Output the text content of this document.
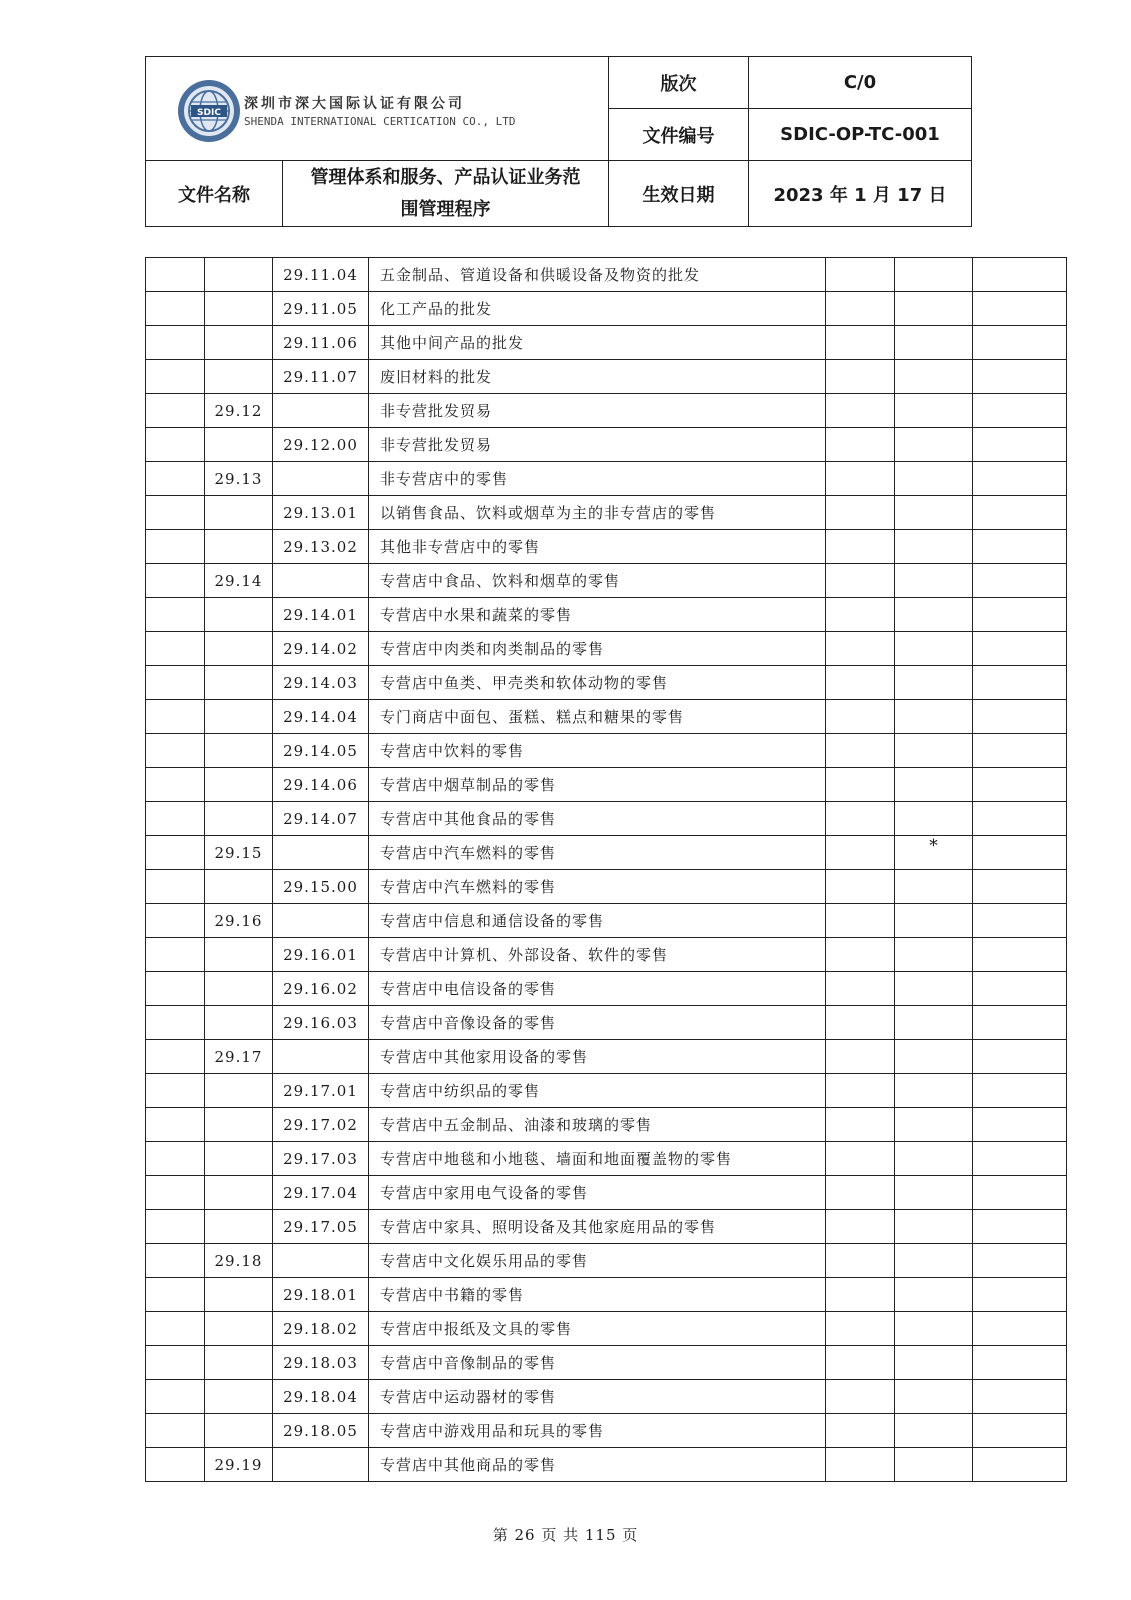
SDIC
深圳市深大国际认证有限公司
SHENDA INTERNATIONAL CERTICATION CO., LTD		版次	C/0
		文件编号	SDIC-OP-TC-001
文件名称	管理体系和服务、产品认证业务范
围管理程序	生效日期	2023 年 1 月 17 日
		29.11.04	五金制品、管道设备和供暖设备及物资的批发			
		29.11.05	化工产品的批发			
		29.11.06	其他中间产品的批发			
		29.11.07	废旧材料的批发			
	29.12		非专营批发贸易			
		29.12.00	非专营批发贸易			
	29.13		非专营店中的零售			
		29.13.01	以销售食品、饮料或烟草为主的非专营店的零售			
		29.13.02	其他非专营店中的零售			
	29.14		专营店中食品、饮料和烟草的零售			
		29.14.01	专营店中水果和蔬菜的零售			
		29.14.02	专营店中肉类和肉类制品的零售			
		29.14.03	专营店中鱼类、甲壳类和软体动物的零售			
		29.14.04	专门商店中面包、蛋糕、糕点和糖果的零售			
		29.14.05	专营店中饮料的零售			
		29.14.06	专营店中烟草制品的零售			
		29.14.07	专营店中其他食品的零售			
	29.15		专营店中汽车燃料的零售		*	
		29.15.00	专营店中汽车燃料的零售			
	29.16		专营店中信息和通信设备的零售			
		29.16.01	专营店中计算机、外部设备、软件的零售			
		29.16.02	专营店中电信设备的零售			
		29.16.03	专营店中音像设备的零售			
	29.17		专营店中其他家用设备的零售			
		29.17.01	专营店中纺织品的零售			
		29.17.02	专营店中五金制品、油漆和玻璃的零售			
		29.17.03	专营店中地毯和小地毯、墙面和地面覆盖物的零售			
		29.17.04	专营店中家用电气设备的零售			
		29.17.05	专营店中家具、照明设备及其他家庭用品的零售			
	29.18		专营店中文化娱乐用品的零售			
		29.18.01	专营店中书籍的零售			
		29.18.02	专营店中报纸及文具的零售			
		29.18.03	专营店中音像制品的零售			
		29.18.04	专营店中运动器材的零售			
		29.18.05	专营店中游戏用品和玩具的零售			
	29.19		专营店中其他商品的零售			
第 26 页 共 115 页
